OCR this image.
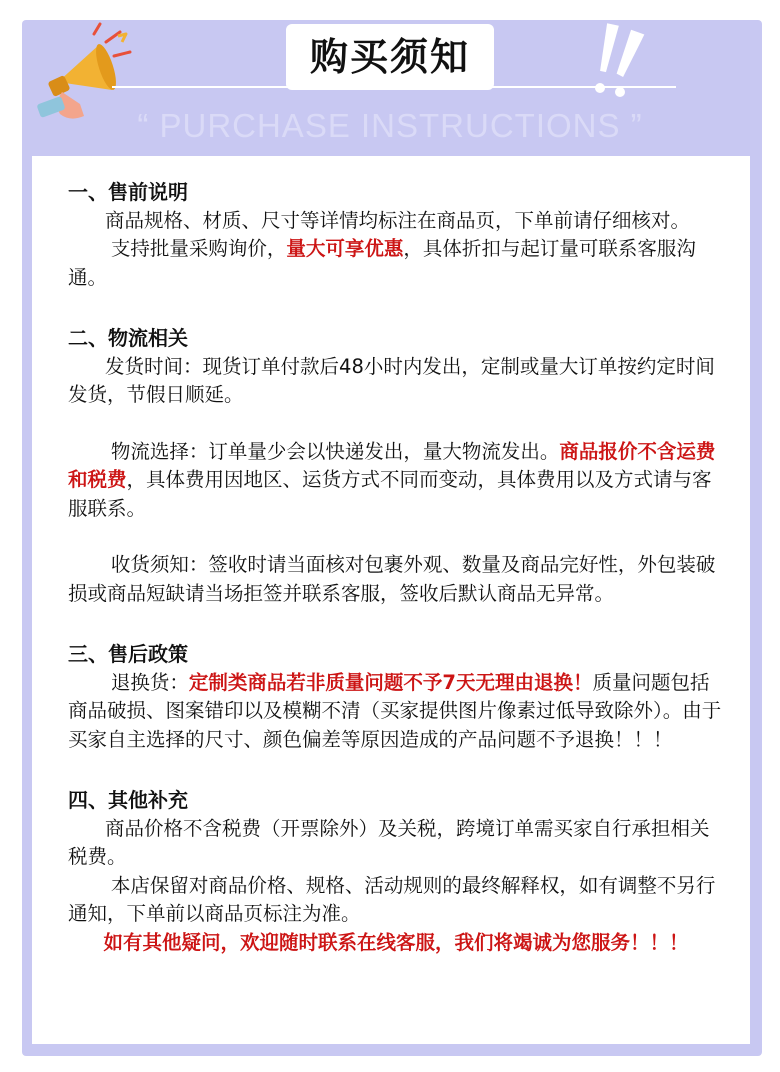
购买须知
“ PURCHASE INSTRUCTIONS ”

一、售前说明

商品规格、材质、尺寸等详情均标注在商品页，下单前请仔细核对。

支持批量采购询价，量大可享优惠，具体折扣与起订量可联系客服沟通。

二、物流相关

发货时间：现货订单付款后48小时内发出，定制或量大订单按约定时间发货，节假日顺延。

物流选择：订单量少会以快递发出，量大物流发出。商品报价不含运费和税费，具体费用因地区、运货方式不同而变动，具体费用以及方式请与客服联系。

收货须知：签收时请当面核对包裹外观、数量及商品完好性，外包装破损或商品短缺请当场拒签并联系客服，签收后默认商品无异常。

三、售后政策

退换货：定制类商品若非质量问题不予7天无理由退换！质量问题包括商品破损、图案错印以及模糊不清（买家提供图片像素过低导致除外）。由于买家自主选择的尺寸、颜色偏差等原因造成的产品问题不予退换！！！

四、其他补充

商品价格不含税费（开票除外）及关税，跨境订单需买家自行承担相关税费。

本店保留对商品价格、规格、活动规则的最终解释权，如有调整不另行通知，下单前以商品页标注为准。

如有其他疑问，欢迎随时联系在线客服，我们将竭诚为您服务！！！
